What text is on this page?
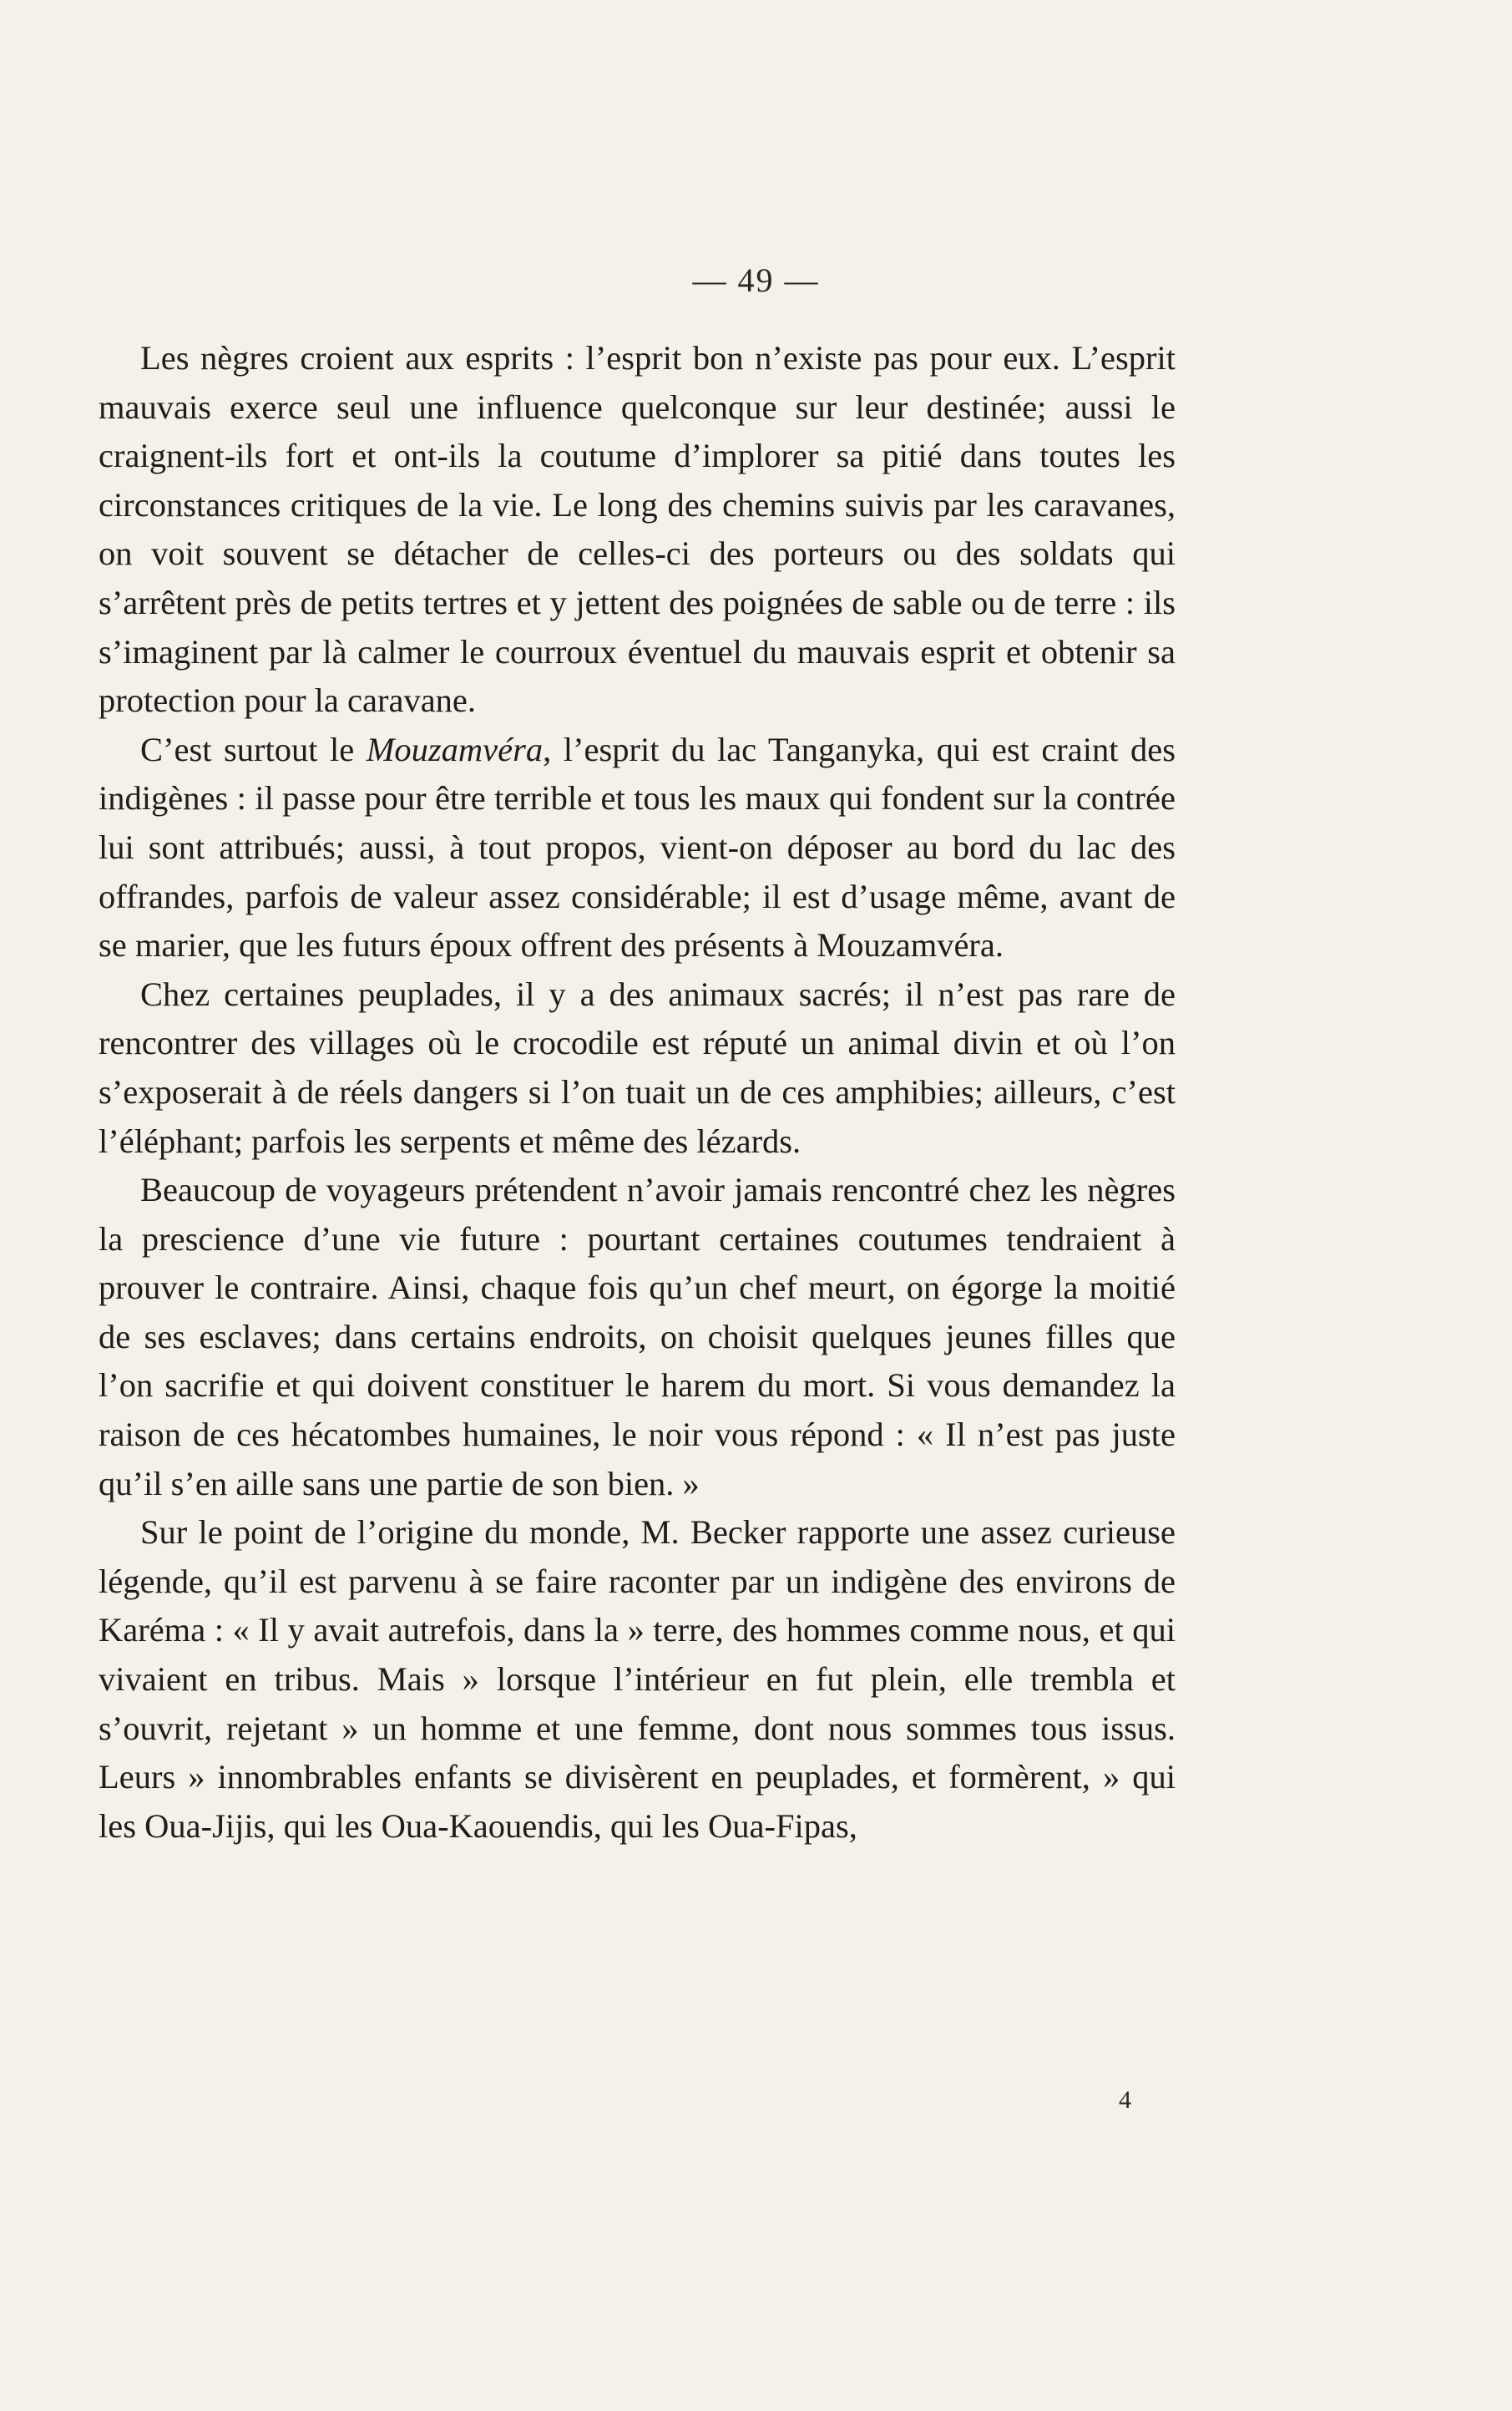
— 49 —

Les nègres croient aux esprits : l’esprit bon n’existe pas pour eux. L’esprit mauvais exerce seul une influence quelconque sur leur destinée; aussi le craignent-ils fort et ont-ils la coutume d’implorer sa pitié dans toutes les circonstances critiques de la vie. Le long des chemins suivis par les caravanes, on voit souvent se détacher de celles-ci des porteurs ou des soldats qui s’arrêtent près de petits tertres et y jettent des poignées de sable ou de terre : ils s’imaginent par là calmer le courroux éventuel du mauvais esprit et obtenir sa protection pour la caravane.

C’est surtout le Mouzamvéra, l’esprit du lac Tanganyka, qui est craint des indigènes : il passe pour être terrible et tous les maux qui fondent sur la contrée lui sont attribués; aussi, à tout propos, vient-on déposer au bord du lac des offrandes, parfois de valeur assez considérable; il est d’usage même, avant de se marier, que les futurs époux offrent des présents à Mouzamvéra.

Chez certaines peuplades, il y a des animaux sacrés; il n’est pas rare de rencontrer des villages où le crocodile est réputé un animal divin et où l’on s’exposerait à de réels dangers si l’on tuait un de ces amphibies; ailleurs, c’est l’éléphant; parfois les serpents et même des lézards.

Beaucoup de voyageurs prétendent n’avoir jamais rencontré chez les nègres la prescience d’une vie future : pourtant certaines coutumes tendraient à prouver le contraire. Ainsi, chaque fois qu’un chef meurt, on égorge la moitié de ses esclaves; dans certains endroits, on choisit quelques jeunes filles que l’on sacrifie et qui doivent constituer le harem du mort. Si vous demandez la raison de ces hécatombes humaines, le noir vous répond : « Il n’est pas juste qu’il s’en aille sans une partie de son bien. »

Sur le point de l’origine du monde, M. Becker rapporte une assez curieuse légende, qu’il est parvenu à se faire raconter par un indigène des environs de Karéma : « Il y avait autrefois, dans la » terre, des hommes comme nous, et qui vivaient en tribus. Mais » lorsque l’intérieur en fut plein, elle trembla et s’ouvrit, rejetant » un homme et une femme, dont nous sommes tous issus. Leurs » innombrables enfants se divisèrent en peuplades, et formèrent, » qui les Oua-Jijis, qui les Oua-Kaouendis, qui les Oua-Fipas,

4
